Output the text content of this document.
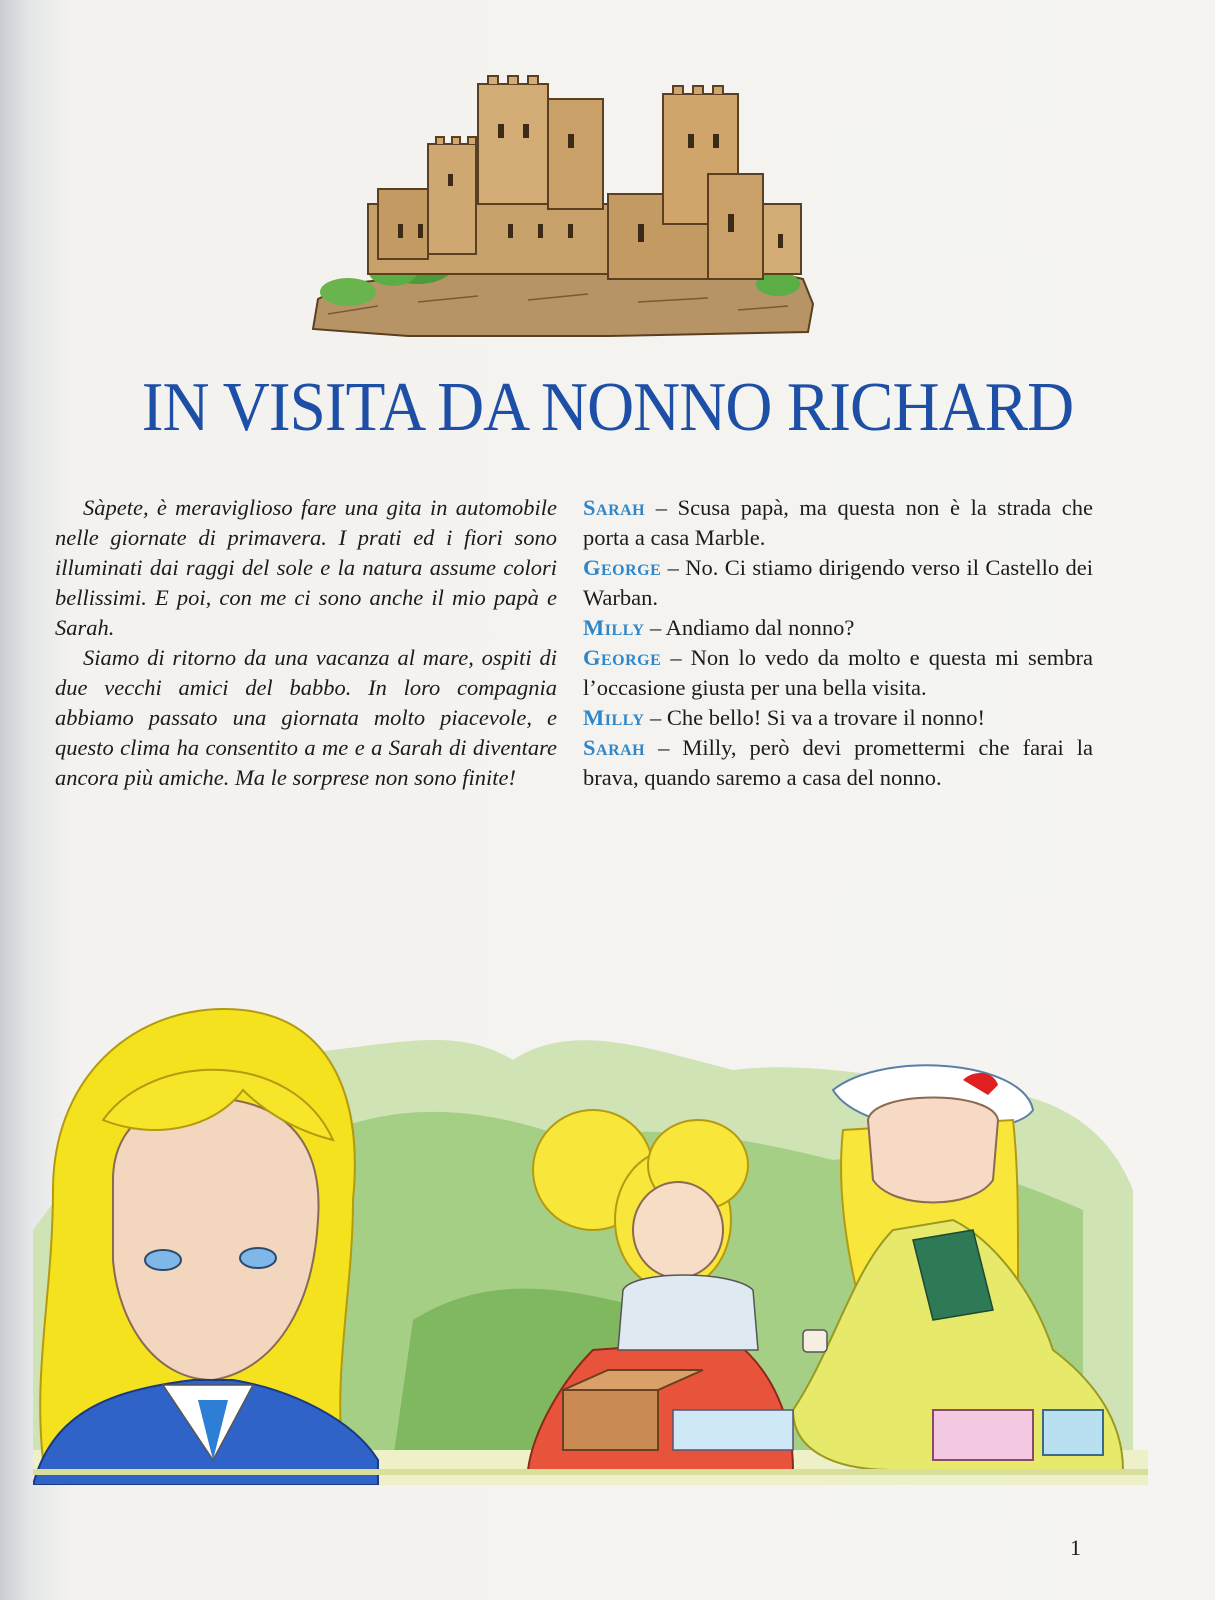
IN VISITA DA NONNO RICHARD

Sàpete, è meraviglioso fare una gita in automobile nelle giornate di primavera. I prati ed i fiori sono illuminati dai raggi del sole e la natura assume colori bellissimi. E poi, con me ci sono anche il mio papà e Sarah.

Siamo di ritorno da una vacanza al mare, ospiti di due vecchi amici del babbo. In loro compagnia abbiamo passato una giornata molto piacevole, e questo clima ha consentito a me e a Sarah di diventare ancora più amiche. Ma le sorprese non sono finite!

Sarah – Scusa papà, ma questa non è la strada che porta a casa Marble.

George – No. Ci stiamo dirigendo verso il Castello dei Warban.

Milly – Andiamo dal nonno?

George – Non lo vedo da molto e questa mi sembra l’occasione giusta per una bella visita.

Milly – Che bello! Si va a trovare il nonno!

Sarah – Milly, però devi promettermi che farai la brava, quando saremo a casa del nonno.

1
